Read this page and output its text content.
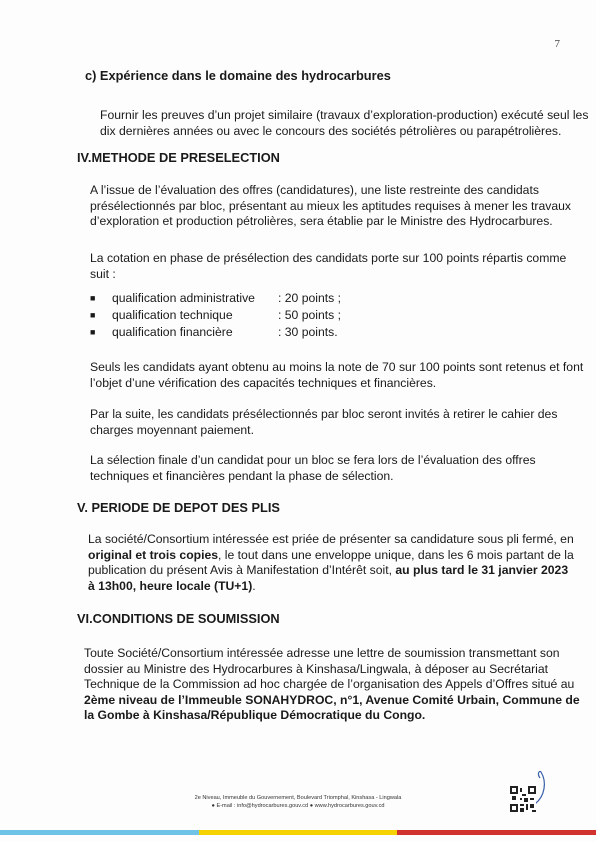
7
c) Expérience dans le domaine des hydrocarbures
Fournir les preuves d’un projet similaire (travaux d’exploration-production) exécuté seul les
dix dernières années ou avec le concours des sociétés pétrolières ou parapétrolières.
IV.METHODE DE PRESELECTION
A l’issue de l’évaluation des offres (candidatures), une liste restreinte des candidats
présélectionnés par bloc, présentant au mieux les aptitudes requises à mener les travaux
d’exploration et production pétrolières, sera établie par le Ministre des Hydrocarbures.
La cotation en phase de présélection des candidats porte sur 100 points répartis comme
suit :
■	qualification administrative	: 20 points ;
■	qualification technique	: 50 points ;
■	qualification financière	: 30 points.
Seuls les candidats ayant obtenu au moins la note de 70 sur 100 points sont retenus et font
l’objet d’une vérification des capacités techniques et financières.
Par la suite, les candidats présélectionnés par bloc seront invités à retirer le cahier des
charges moyennant paiement.
La sélection finale d’un candidat pour un bloc se fera lors de l’évaluation des offres
techniques et financières pendant la phase de sélection.
V. PERIODE DE DEPOT DES PLIS
La société/Consortium intéressée est priée de présenter sa candidature sous pli fermé, en
original et trois copies, le tout dans une enveloppe unique, dans les 6 mois partant de la
publication du présent Avis à Manifestation d’Intérêt soit, au plus tard le 31 janvier 2023
à 13h00, heure locale (TU+1).
VI.CONDITIONS DE SOUMISSION
Toute Société/Consortium intéressée adresse une lettre de soumission transmettant son
dossier au Ministre des Hydrocarbures à Kinshasa/Lingwala, à déposer au Secrétariat
Technique de la Commission ad hoc chargée de l’organisation des Appels d’Offres situé au
2ème niveau de l’Immeuble SONAHYDROC, n°1, Avenue Comité Urbain, Commune de
la Gombe à Kinshasa/République Démocratique du Congo.
2e Niveau, Immeuble du Gouvernement, Boulevard Triomphal, Kinshasa - Lingwala
● E-mail : info@hydrocarbures.gouv.cd ● www.hydrocarbures.gouv.cd
